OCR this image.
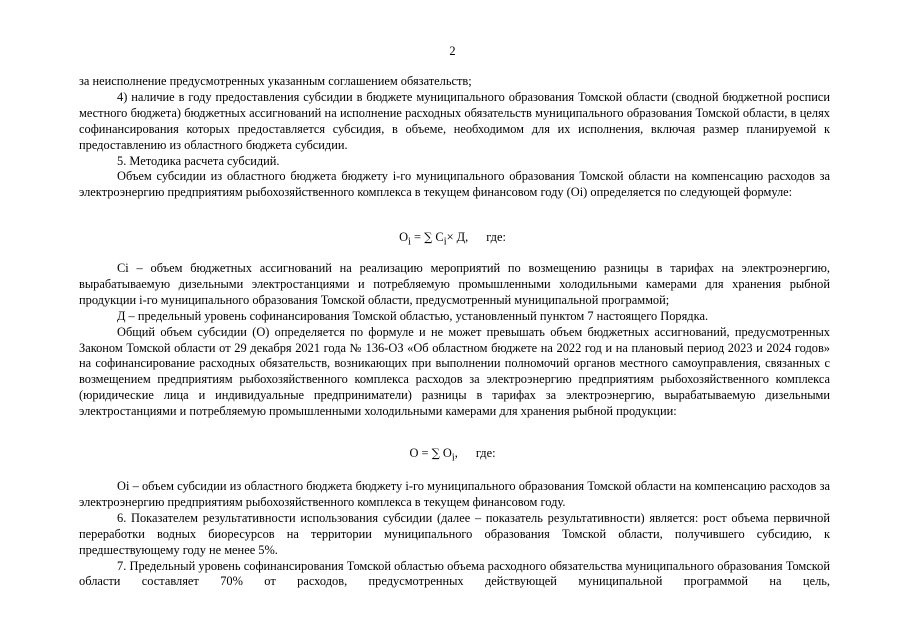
2

за неисполнение предусмотренных указанным соглашением обязательств;

4) наличие в году предоставления субсидии в бюджете муниципального образования Томской области (сводной бюджетной росписи местного бюджета) бюджетных ассигнований на исполнение расходных обязательств муниципального образования Томской области, в целях софинансирования которых предоставляется субсидия, в объеме, необходимом для их исполнения, включая размер планируемой к предоставлению из областного бюджета субсидии.

5. Методика расчета субсидий.

Объем субсидии из областного бюджета бюджету i-го муниципального образования Томской области на компенсацию расходов за электроэнергию предприятиям рыбохозяйственного комплекса в текущем финансовом году (Оi) определяется по следующей формуле:

$О_i$ = ∑ $С_i\times Д$, где:

Сi – объем бюджетных ассигнований на реализацию мероприятий по возмещению разницы в тарифах на электроэнергию, вырабатываемую дизельными электростанциями и потребляемую промышленными холодильными камерами для хранения рыбной продукции i-го муниципального образования Томской области, предусмотренный муниципальной программой;

Д – предельный уровень софинансирования Томской областью, установленный пунктом 7 настоящего Порядка.

Общий объем субсидии (О) определяется по формуле и не может превышать объем бюджетных ассигнований, предусмотренных Законом Томской области от 29 декабря 2021 года № 136-ОЗ «Об областном бюджете на 2022 год и на плановый период 2023 и 2024 годов» на софинансирование расходных обязательств, возникающих при выполнении полномочий органов местного самоуправления, связанных с возмещением предприятиям рыбохозяйственного комплекса расходов за электроэнергию предприятиям рыбохозяйственного комплекса (юридические лица и индивидуальные предприниматели) разницы в тарифах за электроэнергию, вырабатываемую дизельными электростанциями и потребляемую промышленными холодильными камерами для хранения рыбной продукции:

О = ∑ $О_i$, где:

Оi – объем субсидии из областного бюджета бюджету i-го муниципального образования Томской области на компенсацию расходов за электроэнергию предприятиям рыбохозяйственного комплекса в текущем финансовом году.

6. Показателем результативности использования субсидии (далее – показатель результативности) является: рост объема первичной переработки водных биоресурсов на территории муниципального образования Томской области, получившего субсидию, к предшествующему году не менее 5%.

7. Предельный уровень софинансирования Томской областью объема расходного обязательства муниципального образования Томской области составляет 70% от расходов, предусмотренных действующей муниципальной программой на цель,
